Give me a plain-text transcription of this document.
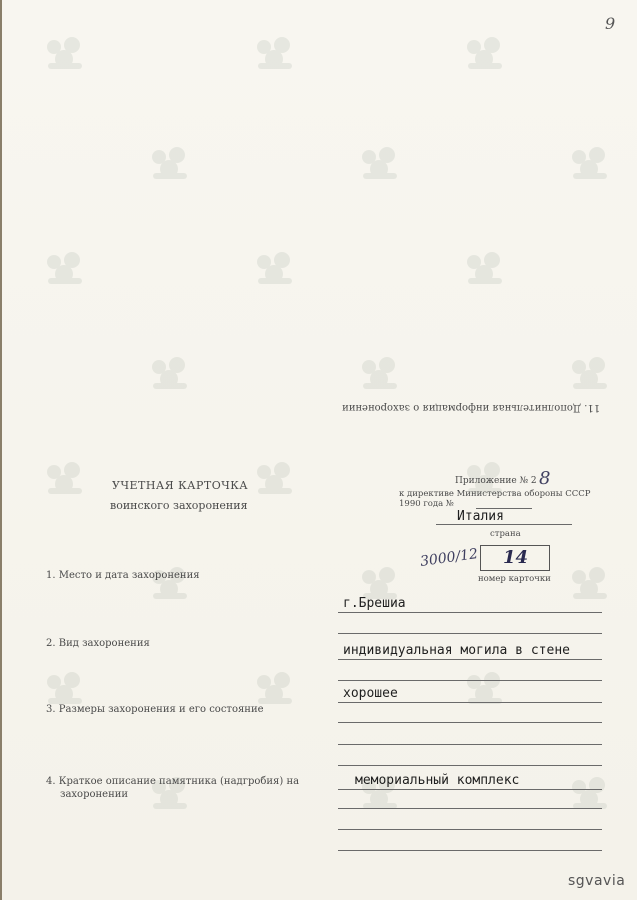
9
11. Дополнительная информация о захоронении
УЧЕТНАЯ КАРТОЧКА
воинского захоронения
Приложение № 2 8
к директиве Министерства обороны СССР
1990 года №
Италия
страна
3000/12 14
номер карточки
1. Место и дата захоронения
г.Брешиа
2. Вид захоронения	индивидуальная могила в стене
хорошее
3. Размеры захоронения и его состояние
4. Краткое описание памятника (надгробия) на
захоронении
мемориальный комплекс
sgvavia
